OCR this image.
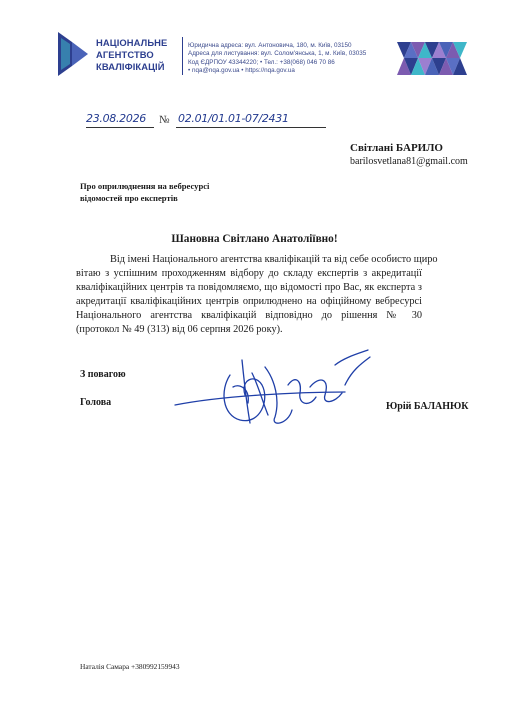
НАЦІОНАЛЬНЕ
АГЕНТСТВО
КВАЛІФІКАЦІЙ
Юридична адреса: вул. Антоновича, 180, м. Київ, 03150
Адреса для листування: вул. Солом'янська, 1, м. Київ, 03035
Код ЄДРПОУ 43344220; • Тел.: +38(068) 046 70 86
• nqa@nqa.gov.ua • https://nqa.gov.ua
23.08.2026 № 02.01/01.01-07/2431
Світлані БАРИЛО
barilosvetlana81@gmail.com
Про оприлюднення на вебресурсі
відомостей про експертів
Шановна Світлано Анатоліївно!
Від імені Національного агентства кваліфікацій та від себе особисто щиро
вітаю з успішним проходженням відбору до складу експертів з акредитації
кваліфікаційних центрів та повідомляємо, що відомості про Вас, як експерта з
акредитації кваліфікаційних центрів оприлюднено на офіційному вебресурсі
Національного агентства кваліфікацій відповідно до рішення № 30
(протокол № 49 (313) від 06 серпня 2026 року).
З повагою
Голова	Юрій БАЛАНЮК
Наталія Самара +380992159943
